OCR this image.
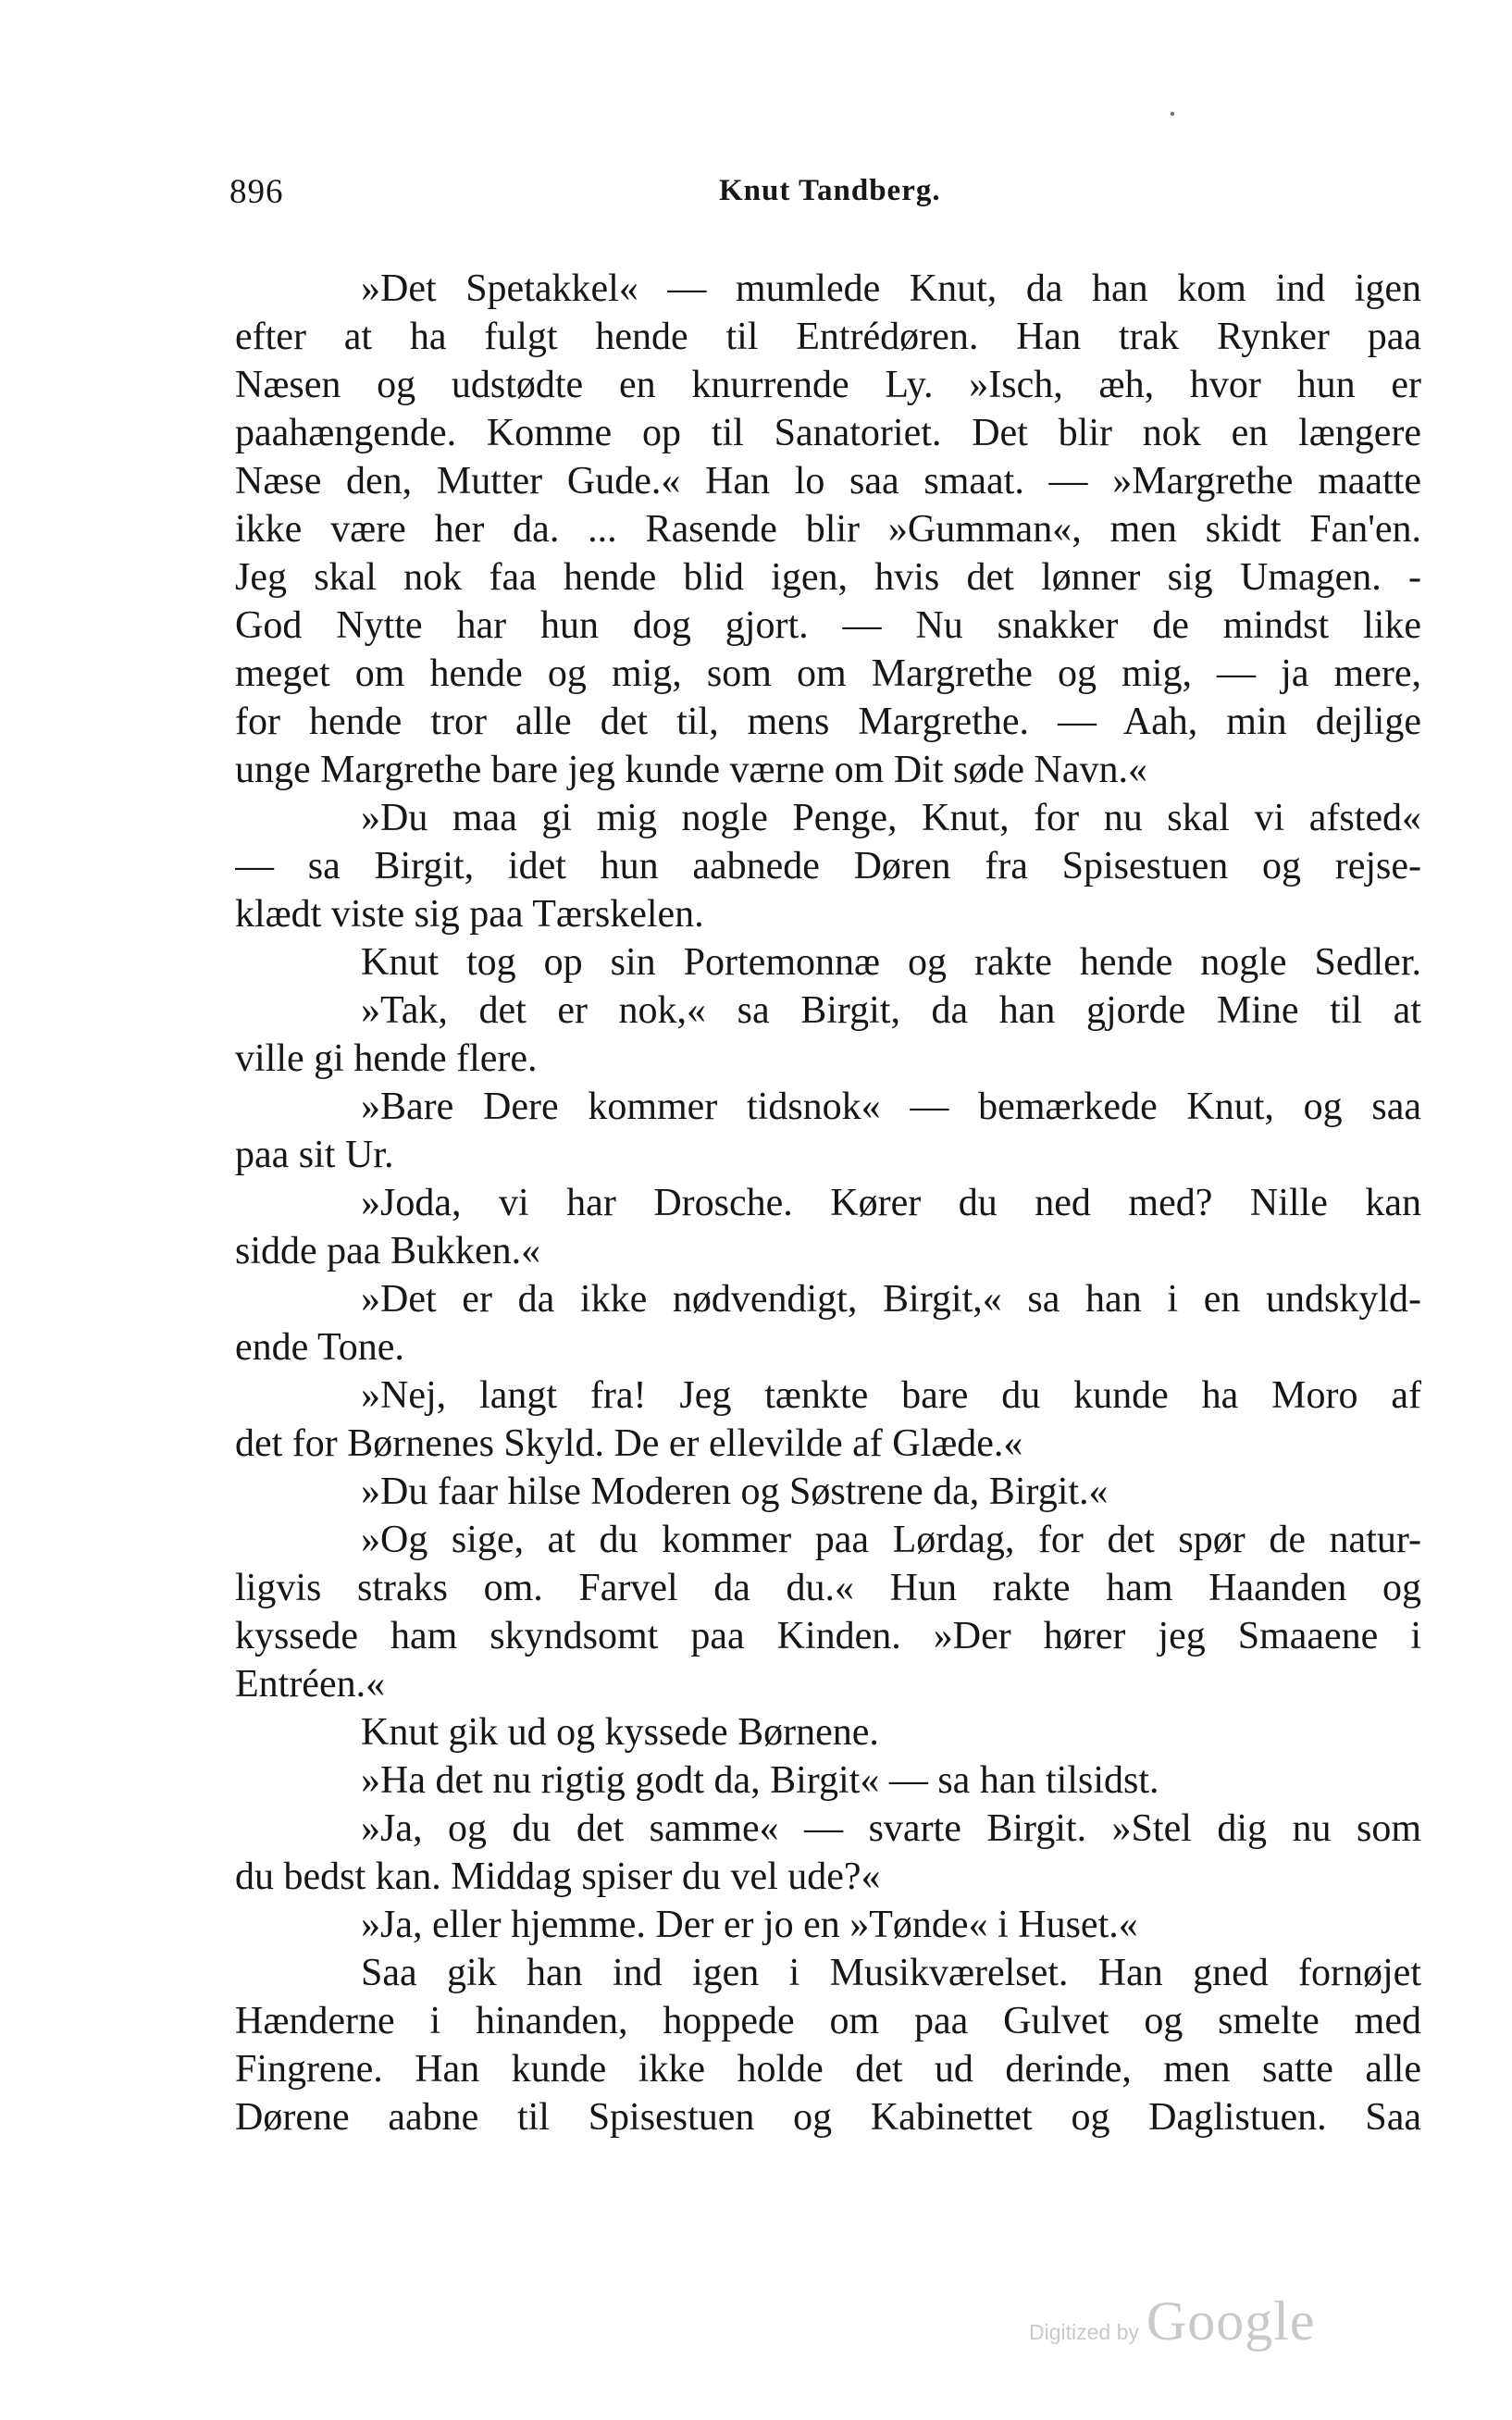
896	Knut Tandberg.
»Det Spetakkel« — mumlede Knut, da han kom ind igen
efter at ha fulgt hende til Entrédøren. Han trak Rynker paa
Næsen og udstødte en knurrende Ly. »Isch, æh, hvor hun er
paahængende. Komme op til Sanatoriet. Det blir nok en længere
Næse den, Mutter Gude.« Han lo saa smaat. — »Margrethe maatte
ikke være her da. ... Rasende blir »Gumman«, men skidt Fan'en.
Jeg skal nok faa hende blid igen, hvis det lønner sig Umagen. -
God Nytte har hun dog gjort. — Nu snakker de mindst like
meget om hende og mig, som om Margrethe og mig, — ja mere,
for hende tror alle det til, mens Margrethe. — Aah, min dejlige
unge Margrethe bare jeg kunde værne om Dit søde Navn.«
»Du maa gi mig nogle Penge, Knut, for nu skal vi afsted«
— sa Birgit, idet hun aabnede Døren fra Spisestuen og rejse-
klædt viste sig paa Tærskelen.
Knut tog op sin Portemonnæ og rakte hende nogle Sedler.
»Tak, det er nok,« sa Birgit, da han gjorde Mine til at
ville gi hende flere.
»Bare Dere kommer tidsnok« — bemærkede Knut, og saa
paa sit Ur.
»Joda, vi har Drosche. Kører du ned med? Nille kan
sidde paa Bukken.«
»Det er da ikke nødvendigt, Birgit,« sa han i en undskyld-
ende Tone.
»Nej, langt fra! Jeg tænkte bare du kunde ha Moro af
det for Børnenes Skyld. De er ellevilde af Glæde.«
»Du faar hilse Moderen og Søstrene da, Birgit.«
»Og sige, at du kommer paa Lørdag, for det spør de natur-
ligvis straks om. Farvel da du.« Hun rakte ham Haanden og
kyssede ham skyndsomt paa Kinden. »Der hører jeg Smaaene i
Entréen.«
Knut gik ud og kyssede Børnene.
»Ha det nu rigtig godt da, Birgit« — sa han tilsidst.
»Ja, og du det samme« — svarte Birgit. »Stel dig nu som
du bedst kan. Middag spiser du vel ude?«
»Ja, eller hjemme. Der er jo en »Tønde« i Huset.«
Saa gik han ind igen i Musikværelset. Han gned fornøjet
Hænderne i hinanden, hoppede om paa Gulvet og smelte med
Fingrene. Han kunde ikke holde det ud derinde, men satte alle
Dørene aabne til Spisestuen og Kabinettet og Daglistuen. Saa
Digitized by Google
